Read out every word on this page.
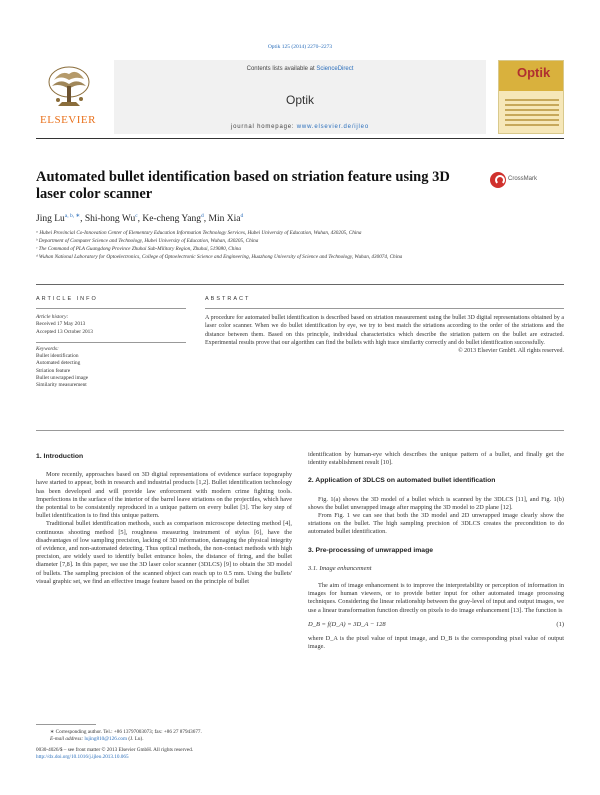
Optik 125 (2014) 2270–2273
ELSEVIER
Contents lists available at ScienceDirect
Optik
journal homepage: www.elsevier.de/ijleo
Optik
Automated bullet identification based on striation feature using 3D laser color scanner
CrossMark
Jing $Lu^{a, b, ∗}$, Shi-hong Wu$^c$, Ke-cheng Yang$^d$, Min Xia$^d$
ᵃ Hubei Provincial Co-Innovation Center of Elementary Education Information Technology Services, Hubei University of Education, Wuhan, 430205, China
ᵇ Department of Computer Science and Technology, Hubei University of Education, Wuhan, 430205, China
ᶜ The Command of PLA Guangdong Province Zhuhai Sub-Military Region, Zhuhai, 519080, China
ᵈ Wuhan National Laboratory for Optoelectronics, College of Optoelectronic Science and Engineering, Huazhong University of Science and Technology, Wuhan, 430074, China
ARTICLE INFO
Article history:
Received 17 May 2013
Accepted 13 October 2013
Keywords:
Bullet identification
Automated detecting
Striation feature
Bullet unwrapped image
Similarity measurement
ABSTRACT

A procedure for automated bullet identification is described based on striation measurement using the bullet 3D digital representations obtained by a laser color scanner. When we do bullet identification by eye, we try to best match the striations according to the order of the striations and the distance between them. Based on this principle, individual characteristics which describe the striation pattern on the bullet are extracted. Experimental results prove that our algorithm can find the bullets with high trace similarity correctly and do bullet identification successfully.

© 2013 Elsevier GmbH. All rights reserved.
1. Introduction

More recently, approaches based on 3D digital representations of evidence surface topography have started to appear, both in research and industrial products [1,2]. Bullet identification technology has been developed and will provide law enforcement with modern crime fighting tools. Imperfections in the surface of the interior of the barrel leave striations on the projectiles, which have the potential to be consistently reproduced in a unique pattern on every bullet [3]. The key step of bullet identification is to find this unique pattern.

Traditional bullet identification methods, such as comparison microscope detecting method [4], continuous shooting method [5], roughness measuring instrument of stylus [6], have the disadvantages of low sampling precision, lacking of 3D information, damaging the physical integrity of evidence, and non-automated detecting. Thus optical methods, the non-contact methods with high precision, are widely used to identify bullet entrance holes, the distance of firing, and the bullet diameter [7,8]. In this paper, we use the 3D laser color scanner (3DLCS) [9] to obtain the 3D model of bullets. The sampling precision of the scanned object can reach up to 0.5 mm. Using the bullets' visual graphic set, we find an effective image feature based on the principle of bullet

identification by human-eye which describes the unique pattern of a bullet, and finally get the identity establishment result [10].

2. Application of 3DLCS on automated bullet identification

Fig. 1(a) shows the 3D model of a bullet which is scanned by the 3DLCS [11], and Fig. 1(b) shows the bullet unwrapped image after mapping the 3D model to 2D plane [12].

From Fig. 1 we can see that both the 3D model and 2D unwrapped image clearly show the striations on the bullet. The high sampling precision of 3DLCS creates the precondition to do automated bullet identification.

3. Pre-processing of unwrapped image
3.1. Image enhancement

The aim of image enhancement is to improve the interpretability or perception of information in images for human viewers, or to provide better input for other automated image processing techniques. Considering the linear relationship between the gray-level of input and output images, we use a linear transformation function directly on pixels to do image enhancement [13]. The function is

D_B = f(D_A) = 3D_A − 128	(1)

where D_A is the pixel value of input image, and D_B is the corresponding pixel value of output image.

∗ Corresponding author. Tel.: +86 13797003073; fax: +86 27 87943677.
E-mail address: lujing810@126.com (J. Lu).
0030-4026/$ – see front matter © 2013 Elsevier GmbH. All rights reserved.
http://dx.doi.org/10.1016/j.ijleo.2013.10.065
